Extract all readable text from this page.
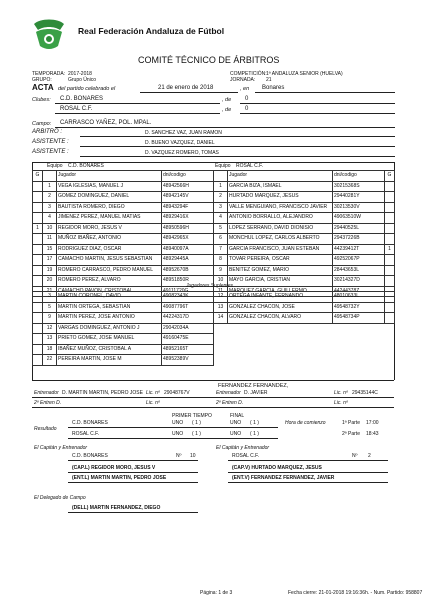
Real Federación Andaluza de Fútbol
COMITÉ TÉCNICO DE ÁRBITROS
TEMPORADA: 2017-2018
GRUPO:	Grupo Único
COMPETICIÓN: 1ª ANDALUZA SENIOR (HUELVA)
JORNADA: 21
ACTA del partido celebrado el	21 de enero de 2018	, en Bonares
Clubes: C.D. BONARES	, de 0
ROSAL C.F.	, de 0
Campo: CARRASCO YAÑEZ, POL. MPAL.
ARBITRO :	D. SANCHEZ VAZ, JUAN RAMON
ASISTENTE :	D. BUENO VAZQUEZ, DANIEL
ASISTENTE :	D. VAZQUEZ ROMERO, TOMAS
Equipo C.D. BONARES	Equipo ROSAL C.F.
G		Jugador	dni/codigo
	1	VEGA IGLESIAS, MANUEL J	48942566H
	2	GOMEZ DOMINGUEZ, DANIEL	48942145V
	3	BAUTISTA ROMERO, DIEGO	48943294F
	4	JIMENEZ PEREZ, MANUEL MATIAS	48929416X
1	10	REGIDOR MORO, JESUS V	48950596H
	11	MUÑOZ IBAÑEZ, ANTONIO	48942965X
	15	RODRIGUEZ DIAZ, OSCAR	48940097A
	17	CAMACHO MARTIN, JESUS SEBASTIAN	48929445A
	19	ROMERO CARRASCO, PEDRO MANUEL	48952670B
	20	ROMERO PEREZ, ALVARO	48951850R
	21	CAMACHO PAVON, CRISTOBAL	49111720G
	Jugador	dni/codigo	G
1	GARCIA BIZA, ISMAEL	30215368S	
2	HURTADO MARQUEZ, JESUS	29440281Y	
3	VALLE MENGUIANO, FRANCISCO JAVIER	30213530V	
4	ANTONIO BORRALLO, ALEJANDRO	49063510W	
5	LOPEZ SERRANO, DAVID DIONISIO	29440525L	
6	MONCHUL LOPEZ, CARLOS ALBERTO	29437226B	
7	GARCIA FRANCISCO, JUAN ESTEBAN	44239412T	1
8	TOVAR PEREIRA, OSCAR	49252067P	
9	BENITEZ GOMEZ, MARIO	28443653L	
10	MAYO GARCIA, CRISTIAN	30214327D	
11	MARQUEZ GARCIA, GUILLERMO	44244378Z	
Jugadores Suplentes
	3	MARTIN CORONEL, DAVID	49082343K
	5	MARTIN ORTEGA, SEBASTIAN	49087796T
	9	MARTIN PEREZ, JOSE ANTONIO	44224317D
	12	VARGAS DOMINGUEZ, ANTONIO J	29042034A
	13	PRIETO GOMEZ, JOSE MANUEL	49160475E
	18	IBAÑEZ MUÑOZ, CRISTOBAL A	48952165T
	22	PEREIRA MARTIN, JOSE M	48952389V
12	ORTEGA INFANTE, FERNANDO	48010633L	
13	GONZALEZ CHACON, JOSE	49548732Y	
14	GONZALEZ CHACON, ALVARO	49548734P	
FERNANDEZ FERNANDEZ,
Entrenador D. MARTIN MARTIN, PEDRO JOSE Lic. nº 29048767V	Entrenador D. JAVIER	Lic. nº 29435144C
2º Entren D.	Lic. nº	2º Entren D.	Lic. nº
PRIMER TIEMPO	FINAL
Resultado
C.D. BONARES	UNO ( 1 )	UNO ( 1 )	Hora de comienzo	1ª Parte 17:00
ROSAL C.F.	UNO ( 1 )	UNO ( 1 )	2ª Parte 18:43
El Capitán y Entrenador	El Capitán y Entrenador
C.D. BONARES	Nº 10	ROSAL C.F.	Nº 2
(CAP.L) REGIDOR MORO, JESUS V	(CAP.V) HURTADO MARQUEZ, JESUS
(ENT.L) MARTIN MARTIN, PEDRO JOSE	(ENT.V) FERNANDEZ FERNANDEZ, JAVIER
El Delegado de Campo
(DELL) MARTIN FERNANDEZ, DIEGO
Página: 1 de 3	Fecha cierre: 21-01-2018 19:16:36h. - Num. Partido: 958807
